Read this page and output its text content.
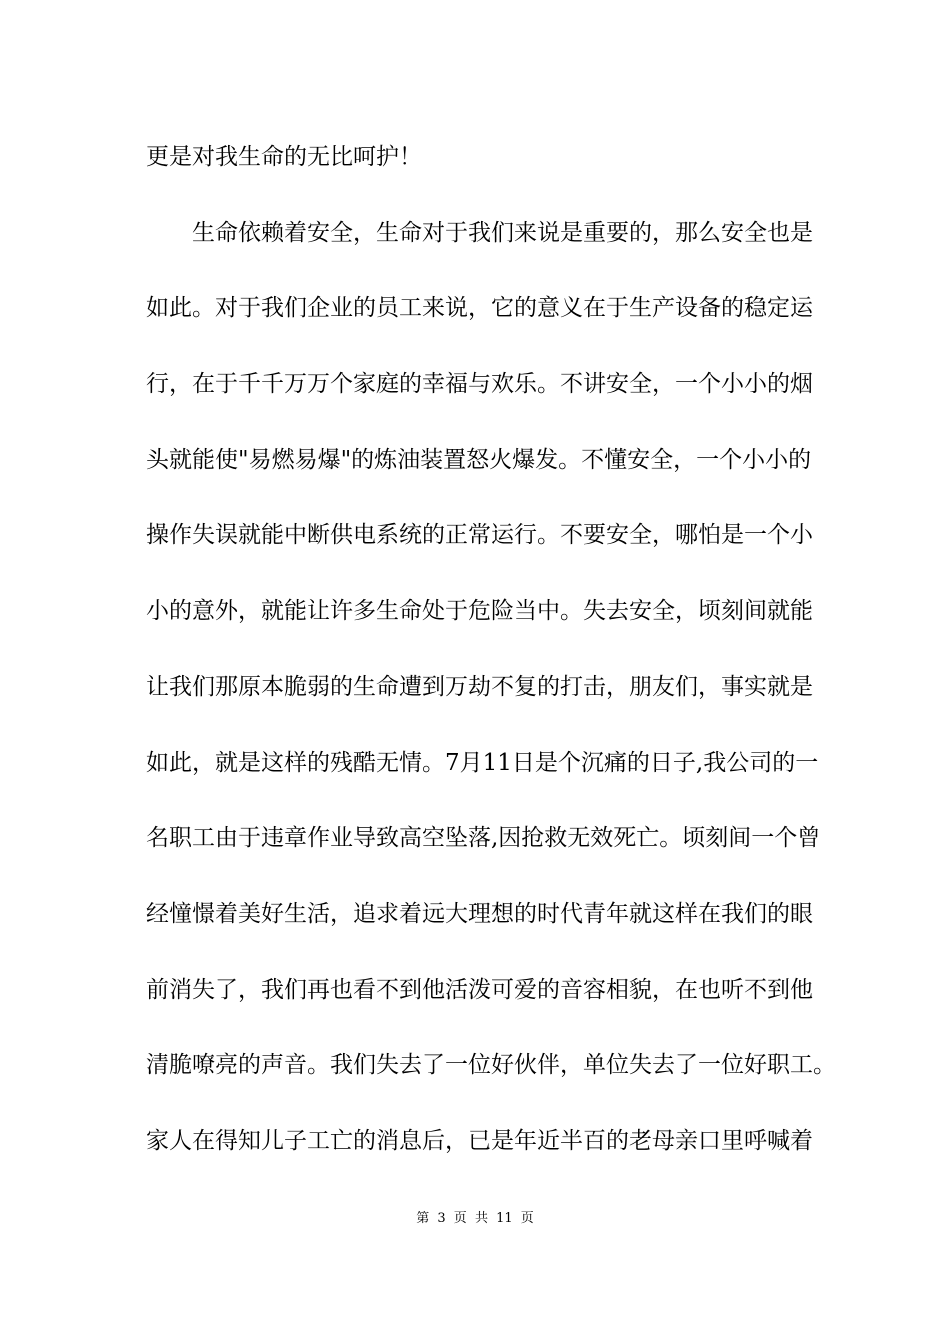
更是对我生命的无比呵护！
　　生命依赖着安全，生命对于我们来说是重要的，那么安全也是
如此。对于我们企业的员工来说，它的意义在于生产设备的稳定运
行，在于千千万万个家庭的幸福与欢乐。不讲安全，一个小小的烟
头就能使"易燃易爆"的炼油装置怒火爆发。不懂安全，一个小小的
操作失误就能中断供电系统的正常运行。不要安全，哪怕是一个小
小的意外，就能让许多生命处于危险当中。失去安全，顷刻间就能
让我们那原本脆弱的生命遭到万劫不复的打击，朋友们，事实就是
如此，就是这样的残酷无情。7月11日是个沉痛的日子,我公司的一
名职工由于违章作业导致高空坠落,因抢救无效死亡。顷刻间一个曾
经憧憬着美好生活，追求着远大理想的时代青年就这样在我们的眼
前消失了，我们再也看不到他活泼可爱的音容相貌，在也听不到他
清脆嘹亮的声音。我们失去了一位好伙伴，单位失去了一位好职工。
家人在得知儿子工亡的消息后，已是年近半百的老母亲口里呼喊着
第 3 页 共 11 页
